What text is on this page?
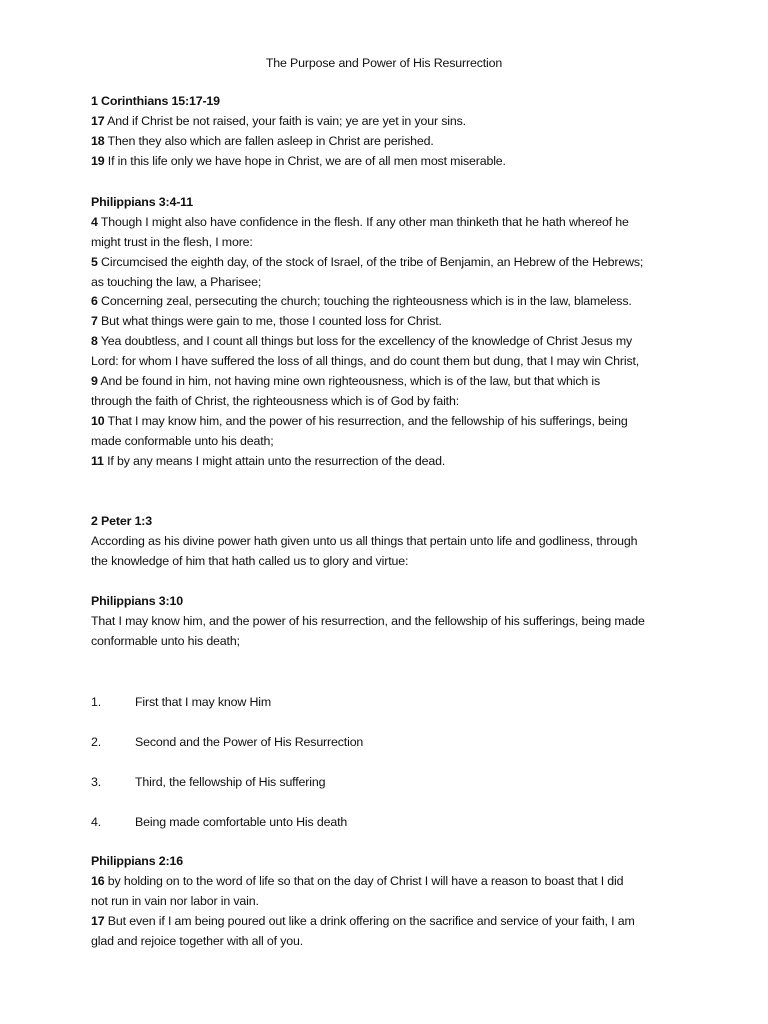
The Purpose and Power of His Resurrection
1 Corinthians 15:17-19
17 And if Christ be not raised, your faith is vain; ye are yet in your sins.
18 Then they also which are fallen asleep in Christ are perished.
19 If in this life only we have hope in Christ, we are of all men most miserable.
Philippians 3:4-11
4 Though I might also have confidence in the flesh. If any other man thinketh that he hath whereof he
might trust in the flesh, I more:
5 Circumcised the eighth day, of the stock of Israel, of the tribe of Benjamin, an Hebrew of the Hebrews;
as touching the law, a Pharisee;
6 Concerning zeal, persecuting the church; touching the righteousness which is in the law, blameless.
7 But what things were gain to me, those I counted loss for Christ.
8 Yea doubtless, and I count all things but loss for the excellency of the knowledge of Christ Jesus my
Lord: for whom I have suffered the loss of all things, and do count them but dung, that I may win Christ,
9 And be found in him, not having mine own righteousness, which is of the law, but that which is
through the faith of Christ, the righteousness which is of God by faith:
10 That I may know him, and the power of his resurrection, and the fellowship of his sufferings, being
made conformable unto his death;
11 If by any means I might attain unto the resurrection of the dead.
2 Peter 1:3
According as his divine power hath given unto us all things that pertain unto life and godliness, through
the knowledge of him that hath called us to glory and virtue:
Philippians 3:10
That I may know him, and the power of his resurrection, and the fellowship of his sufferings, being made
conformable unto his death;
1.	First that I may know Him
2.	Second and the Power of His Resurrection
3.	Third, the fellowship of His suffering
4.	Being made comfortable unto His death
Philippians 2:16
16 by holding on to the word of life so that on the day of Christ I will have a reason to boast that I did
not run in vain nor labor in vain.
17 But even if I am being poured out like a drink offering on the sacrifice and service of your faith, I am
glad and rejoice together with all of you.
